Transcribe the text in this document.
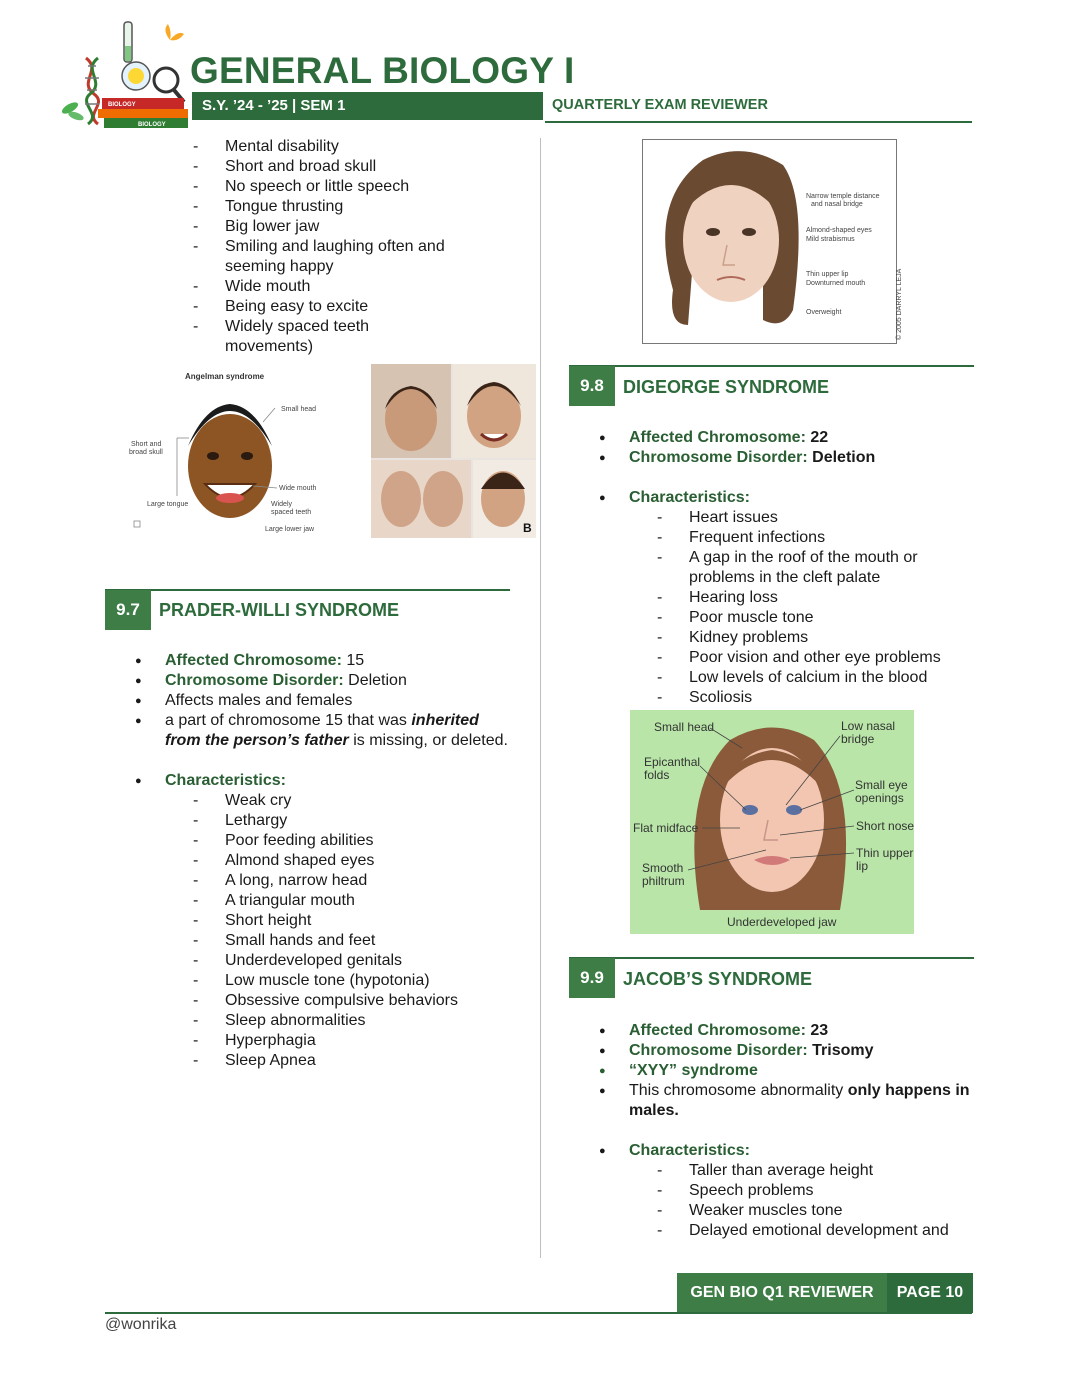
BIOLOGY
BIOLOGY
GENERAL BIOLOGY I
S.Y. ’24 - ’25 | SEM 1	QUARTERLY EXAM REVIEWER
- Mental disability
- Short and broad skull
- No speech or little speech
- Tongue thrusting
- Big lower jaw
- Smiling and laughing often and seeming happy
- Wide mouth
- Being easy to excite
- Widely spaced teeth
movements)
Angelman syndrome
Small head
Short and broad skull
Wide mouth
Large tongue	Widely spaced teeth
Large lower jaw	B
9.7	PRADER-WILLI SYNDROME
● Affected Chromosome: 15
● Chromosome Disorder: Deletion
● Affects males and females
● a part of chromosome 15 that was inherited from the person’s father is missing, or deleted.
● Characteristics:
- Weak cry
- Lethargy
- Poor feeding abilities
- Almond shaped eyes
- A long, narrow head
- A triangular mouth
- Short height
- Small hands and feet
- Underdeveloped genitals
- Low muscle tone (hypotonia)
- Obsessive compulsive behaviors
- Sleep abnormalities
- Hyperphagia
- Sleep Apnea
Narrow temple distance and nasal bridge
Almond-shaped eyes
Mild strabismus
Thin upper lip
Downturned mouth
Overweight	© 2005 DARRYL LEJA
9.8	DIGEORGE SYNDROME
● Affected Chromosome: 22
● Chromosome Disorder: Deletion
● Characteristics:
- Heart issues
- Frequent infections
- A gap in the roof of the mouth or problems in the cleft palate
- Hearing loss
- Poor muscle tone
- Kidney problems
- Poor vision and other eye problems
- Low levels of calcium in the blood
- Scoliosis
Small head	Low nasal bridge
Epicanthal folds
Small eye openings
Flat midface	Short nose
Thin upper lip
Smooth philtrum
Underdeveloped jaw
9.9	JACOB’S SYNDROME
● Affected Chromosome: 23
● Chromosome Disorder: Trisomy
● “XYY” syndrome
● This chromosome abnormality only happens in males.
● Characteristics:
- Taller than average height
- Speech problems
- Weaker muscles tone
- Delayed emotional development and
GEN BIO Q1 REVIEWER	PAGE 10
@wonrika
